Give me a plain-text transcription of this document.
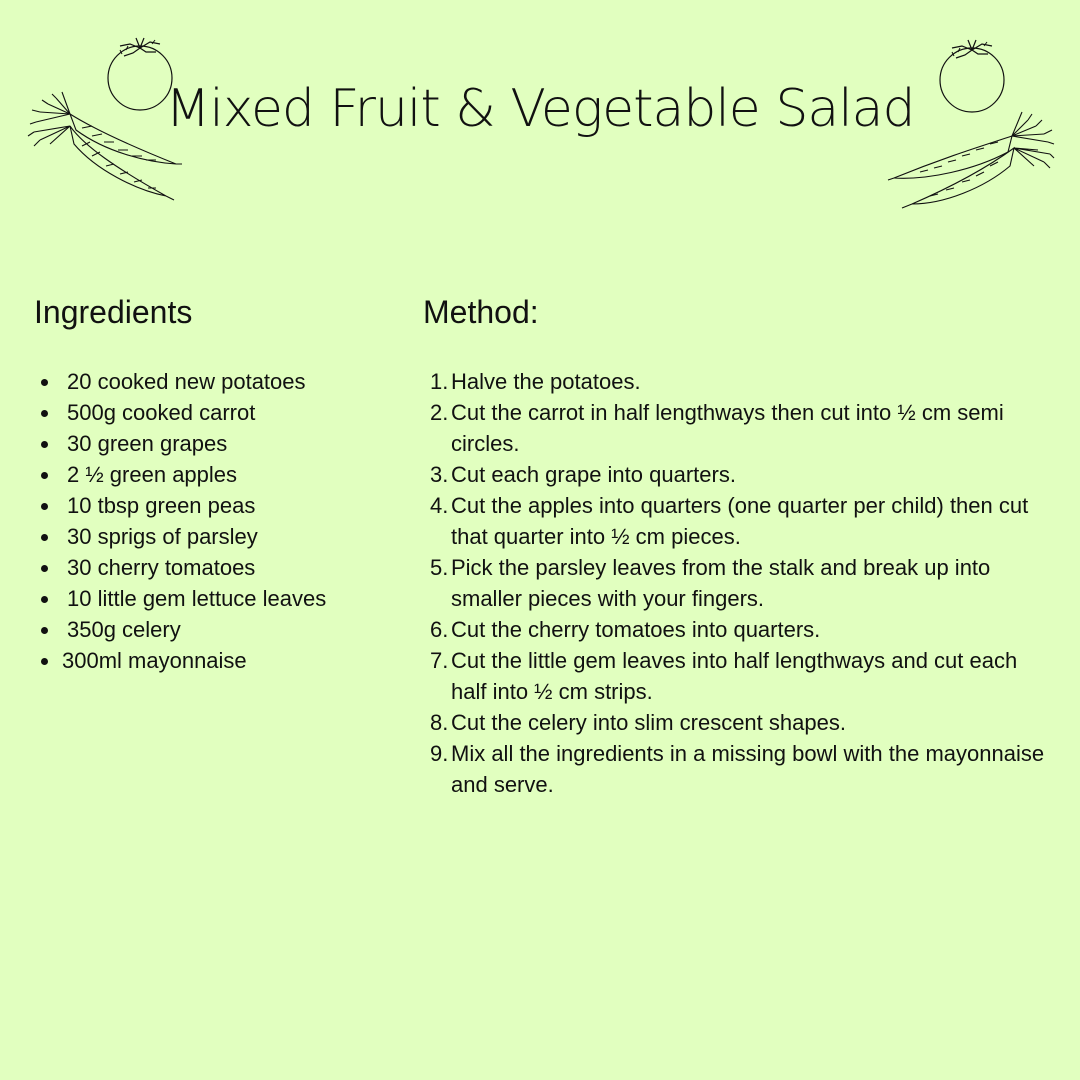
Mixed Fruit & Vegetable Salad
Ingredients
20 cooked new potatoes
500g cooked carrot
30 green grapes
2 ½ green apples
10 tbsp green peas
30 sprigs of parsley
30 cherry tomatoes
10 little gem lettuce leaves
350g celery
300ml mayonnaise
Method:
1. Halve the potatoes.
2. Cut the carrot in half lengthways then cut into ½ cm semi circles.
3. Cut each grape into quarters.
4. Cut the apples into quarters (one quarter per child) then cut that quarter into ½ cm pieces.
5. Pick the parsley leaves from the stalk and break up into smaller pieces with your fingers.
6. Cut the cherry tomatoes into quarters.
7. Cut the little gem leaves into half lengthways and cut each half into ½ cm strips.
8. Cut the celery into slim crescent shapes.
9. Mix all the ingredients in a missing bowl with the mayonnaise and serve.
